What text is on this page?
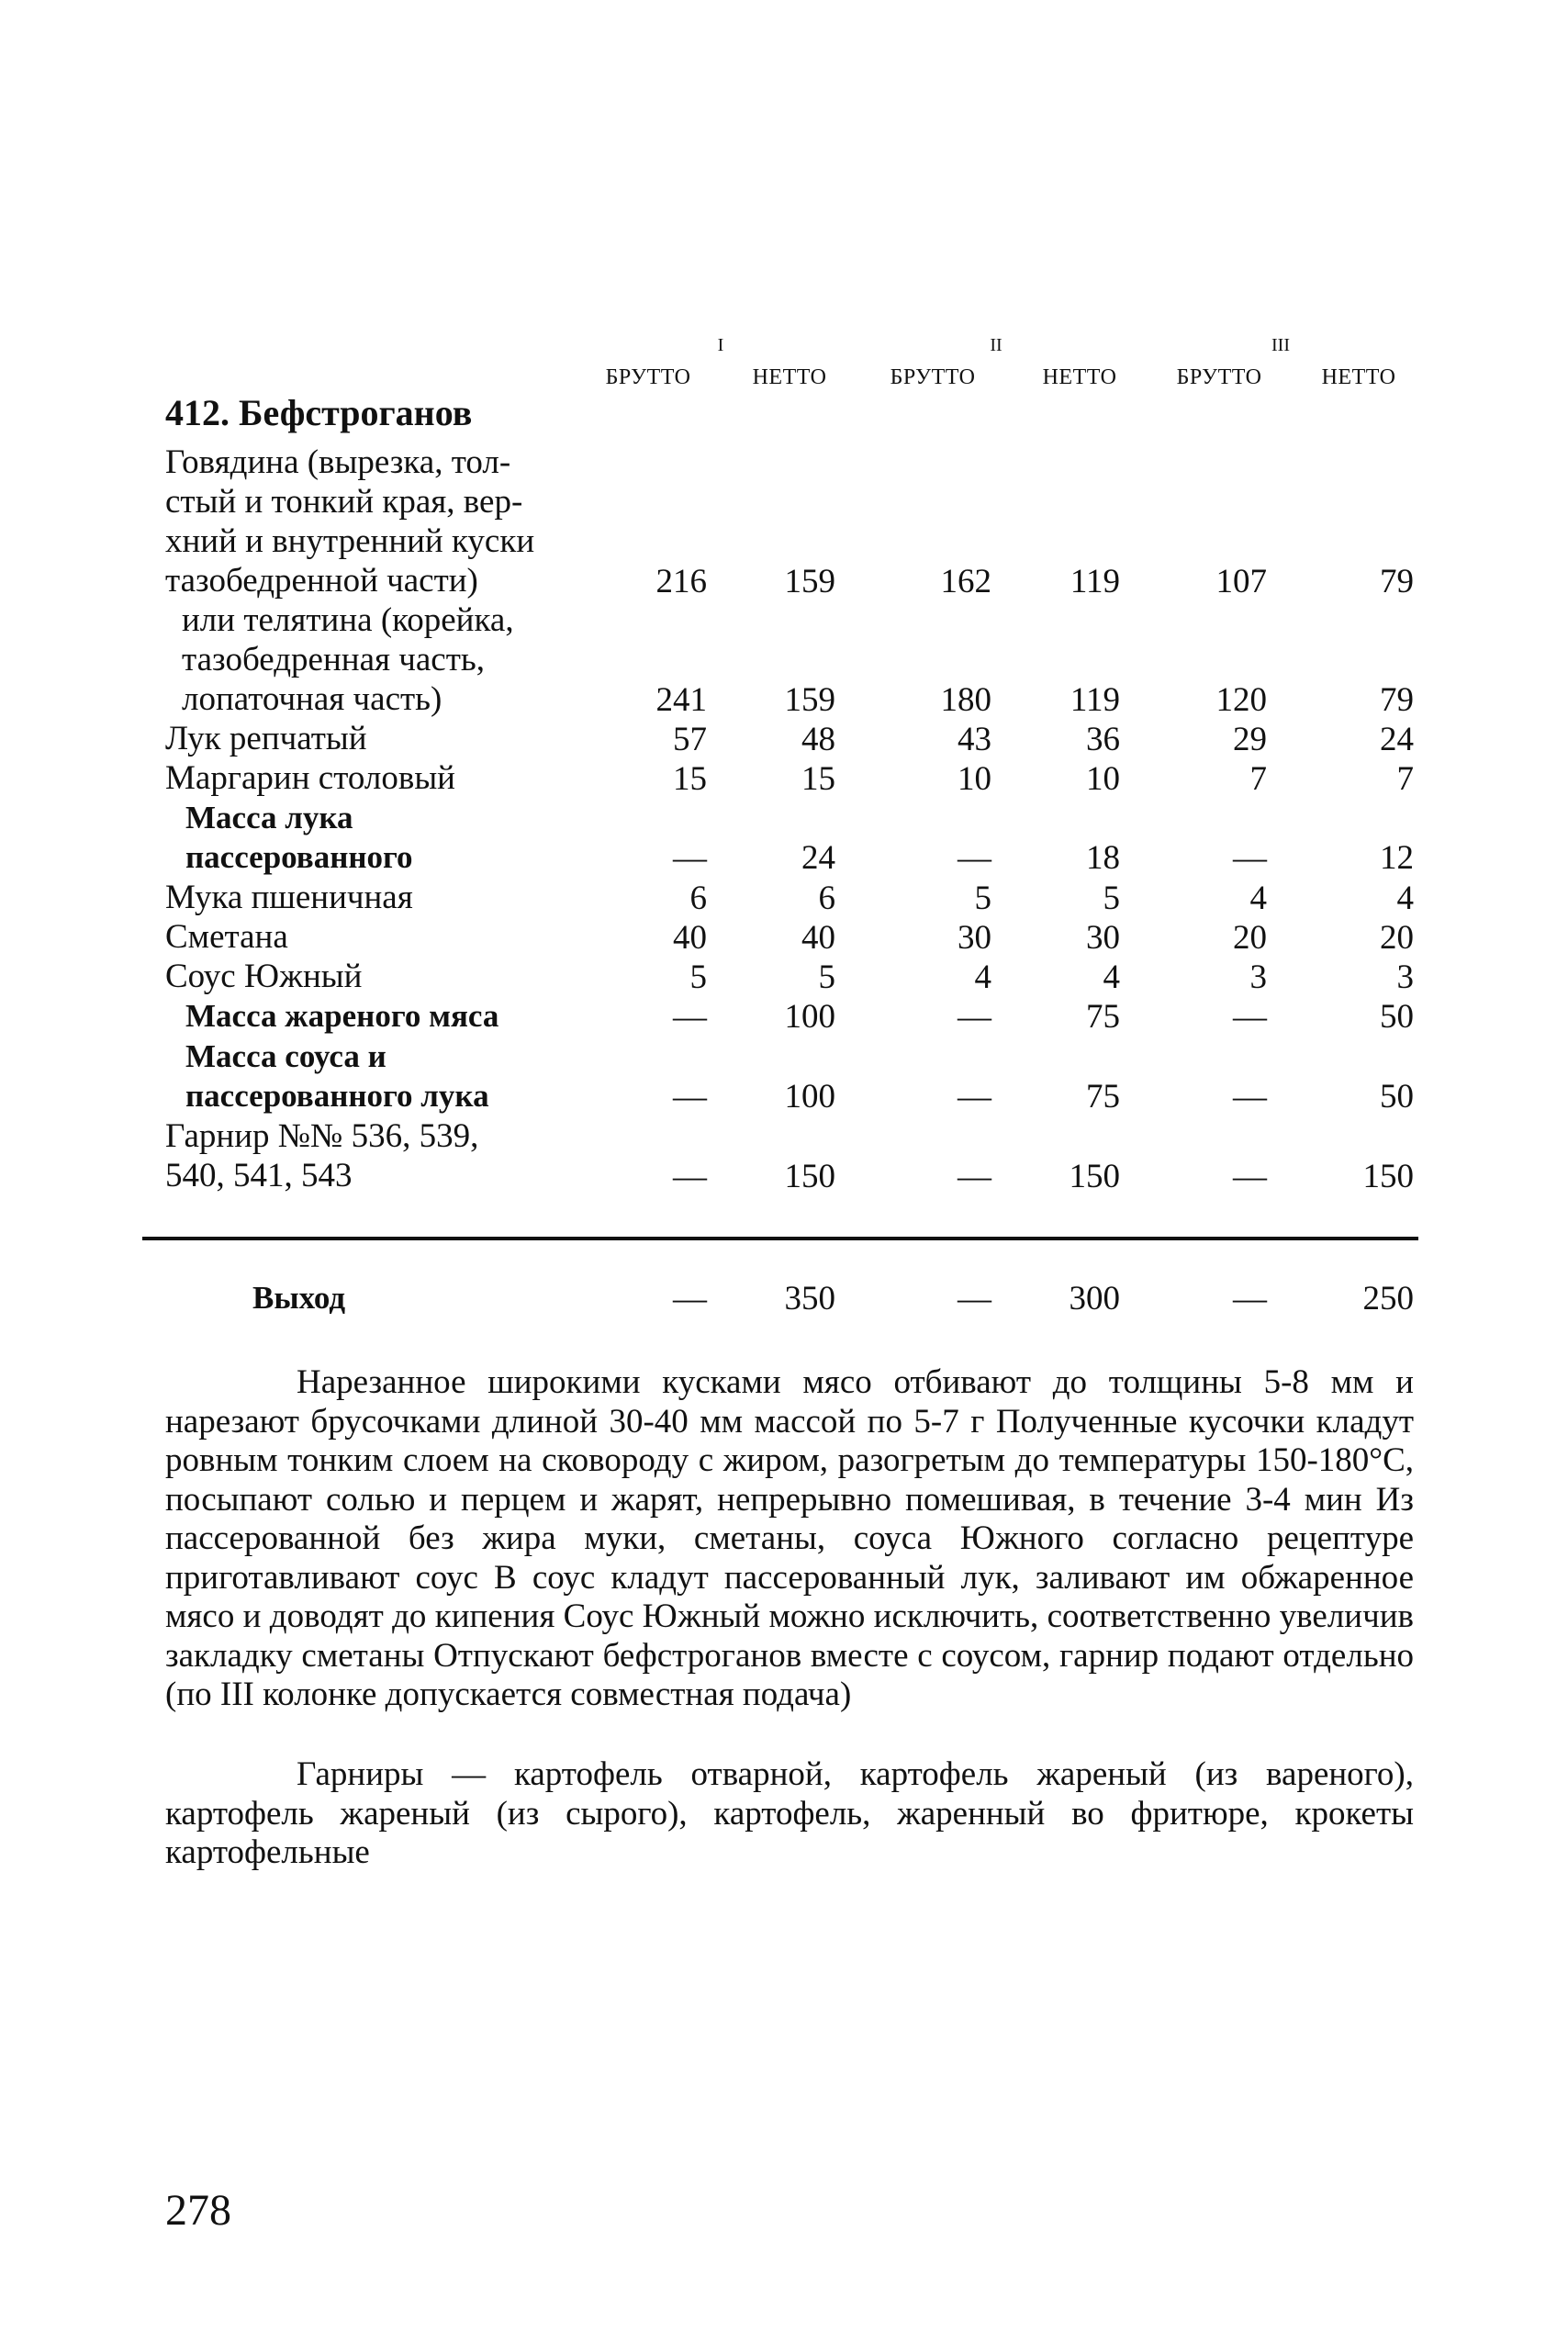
I	II	III
БРУТТО	НЕТТО	БРУТТО	НЕТТО	БРУТТО	НЕТТО
412. Бефстроганов
Говядина (вырезка, тол-
стый и тонкий края, вер-
хний и внутренний куски
тазобедренной части)	216	159	162	119	107	79
или телятина (корейка,
тазобедренная часть,
лопаточная часть)	241	159	180	119	120	79
Лук репчатый	57	48	43	36	29	24
Маргарин столовый	15	15	10	10	7	7
Масса лука
пассерованного	—	24	—	18	—	12
Мука пшеничная	6	6	5	5	4	4
Сметана	40	40	30	30	20	20
Соус Южный	5	5	4	4	3	3
Масса жареного мяса	—	100	—	75	—	50
Масса соуса и
пассерованного лука	—	100	—	75	—	50
Гарнир №№ 536, 539,
540, 541, 543	—	150	—	150	—	150
Выход	—	350	—	300	—	250
Нарезанное широкими кусками мясо отбивают до толщины 5-8 мм и нарезают брусочками длиной 30-40 мм массой по 5-7 г Полученные кусочки кладут ровным тонким слоем на сковороду с жиром, разогретым до температуры 150-180°С, посыпают солью и перцем и жарят, непрерывно помешивая, в течение 3-4 мин Из пассерованной без жира муки, сметаны, соуса Южного согласно рецептуре приготавливают соус В соус кладут пассерованный лук, заливают им обжаренное мясо и доводят до кипения Соус Южный можно исключить, соответственно увеличив закладку сметаны Отпускают бефстроганов вместе с соусом, гарнир подают отдельно (по III колонке допускается совместная подача)
Гарниры — картофель отварной, картофель жареный (из вареного), картофель жареный (из сырого), картофель, жаренный во фритюре, крокеты картофельные
278
